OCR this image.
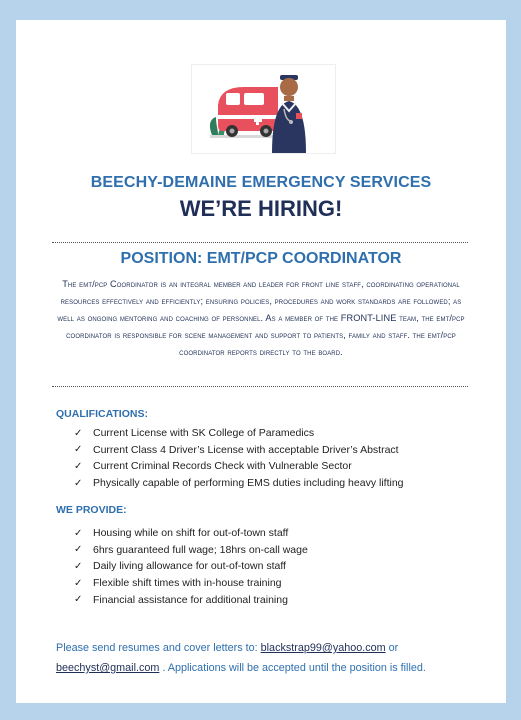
BEECHY-DEMAINE EMERGENCY SERVICES
WE’RE HIRING!
POSITION: EMT/PCP COORDINATOR
The emt/pcp Coordinator is an integral member and leader for front line staff, coordinating operational resources effectively and efficiently; ensuring policies, procedures and work standards are followed; as well as ongoing mentoring and coaching of personnel. As a member of the FRONT-LINE team, the emt/pcp coordinator is responsible for scene management and support to patients, family and staff. the emt/pcp coordinator reports directly to the board.
QUALIFICATIONS:
✓	Current License with SK College of Paramedics
✓	Current Class 4 Driver’s License with acceptable Driver’s Abstract
✓	Current Criminal Records Check with Vulnerable Sector
✓	Physically capable of performing EMS duties including heavy lifting
WE PROVIDE:
✓	Housing while on shift for out-of-town staff
✓	6hrs guaranteed full wage; 18hrs on-call wage
✓	Daily living allowance for out-of-town staff
✓	Flexible shift times with in-house training
✓	Financial assistance for additional training
Please send resumes and cover letters to: blackstrap99@yahoo.com or
beechyst@gmail.com . Applications will be accepted until the position is filled.
